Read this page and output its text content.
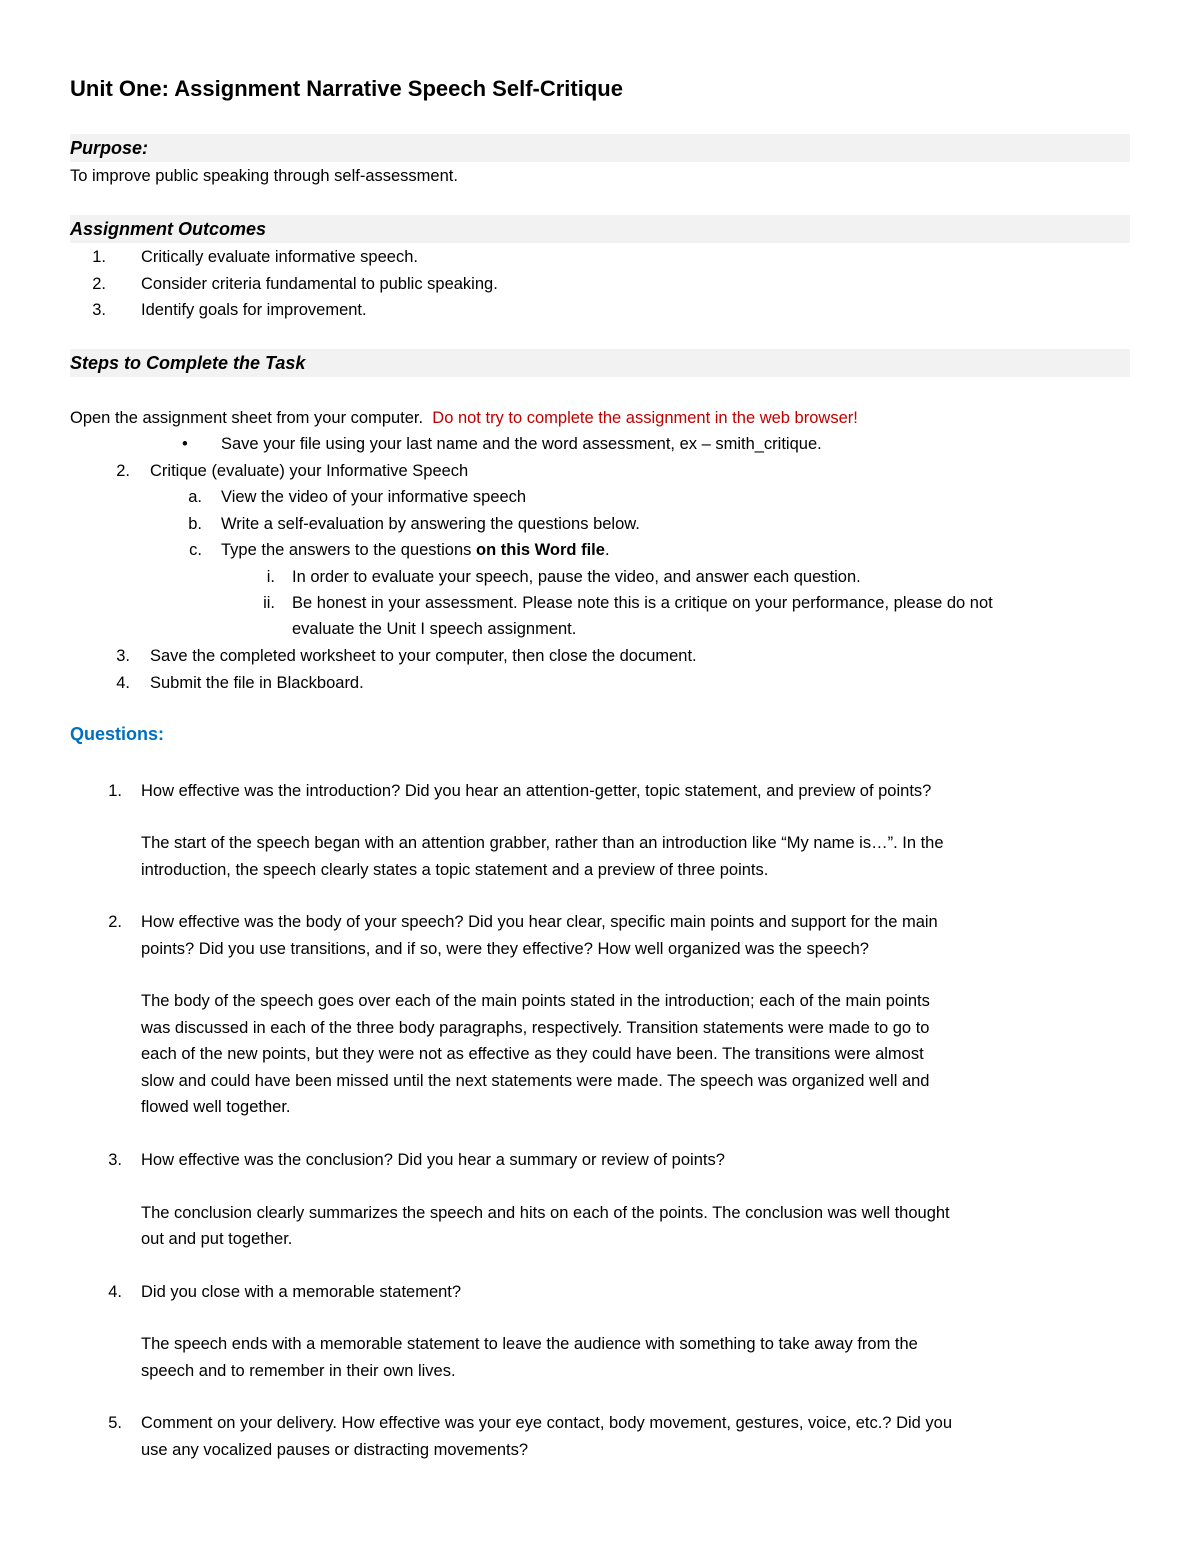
Unit One: Assignment Narrative Speech Self-Critique
Purpose:
To improve public speaking through self-assessment.
Assignment Outcomes
1. Critically evaluate informative speech.
2. Consider criteria fundamental to public speaking.
3. Identify goals for improvement.
Steps to Complete the Task
Open the assignment sheet from your computer. Do not try to complete the assignment in the web browser!
• Save your file using your last name and the word assessment, ex – smith_critique.
2. Critique (evaluate) your Informative Speech
a. View the video of your informative speech
b. Write a self-evaluation by answering the questions below.
c. Type the answers to the questions on this Word file.
i. In order to evaluate your speech, pause the video, and answer each question.
ii. Be honest in your assessment. Please note this is a critique on your performance, please do not
evaluate the Unit I speech assignment.
3. Save the completed worksheet to your computer, then close the document.
4. Submit the file in Blackboard.
Questions:
1. How effective was the introduction? Did you hear an attention-getter, topic statement, and preview of points?
The start of the speech began with an attention grabber, rather than an introduction like “My name is…”. In the
introduction, the speech clearly states a topic statement and a preview of three points.
2. How effective was the body of your speech? Did you hear clear, specific main points and support for the main
points? Did you use transitions, and if so, were they effective? How well organized was the speech?
The body of the speech goes over each of the main points stated in the introduction; each of the main points
was discussed in each of the three body paragraphs, respectively. Transition statements were made to go to
each of the new points, but they were not as effective as they could have been. The transitions were almost
slow and could have been missed until the next statements were made. The speech was organized well and
flowed well together.
3. How effective was the conclusion? Did you hear a summary or review of points?
The conclusion clearly summarizes the speech and hits on each of the points. The conclusion was well thought
out and put together.
4. Did you close with a memorable statement?
The speech ends with a memorable statement to leave the audience with something to take away from the
speech and to remember in their own lives.
5. Comment on your delivery. How effective was your eye contact, body movement, gestures, voice, etc.? Did you
use any vocalized pauses or distracting movements?
